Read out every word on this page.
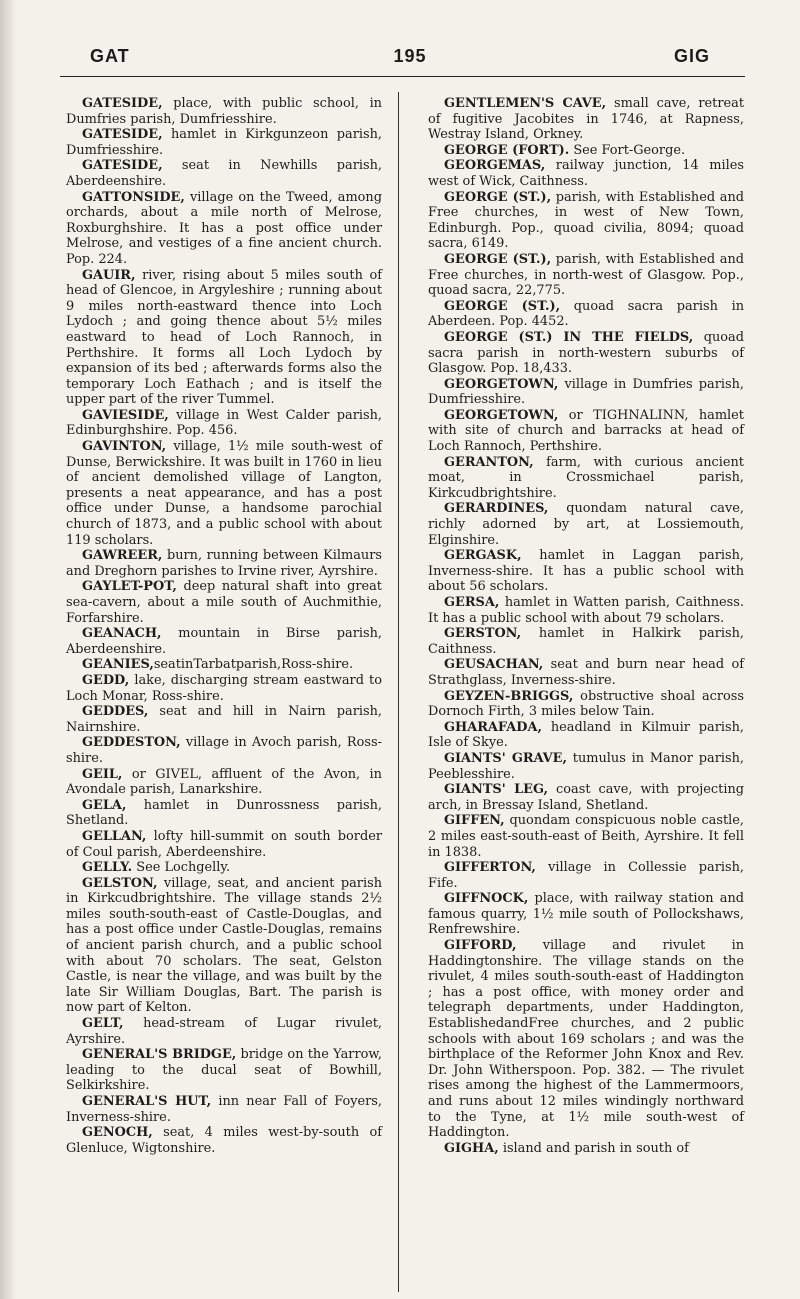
GAT	195	GIG

GATESIDE, place, with public school, in Dumfries parish, Dumfriesshire.

GATESIDE, hamlet in Kirkgunzeon parish, Dumfriesshire.

GATESIDE, seat in Newhills parish, Aberdeenshire.

GATTONSIDE, village on the Tweed, among orchards, about a mile north of Melrose, Roxburghshire. It has a post office under Melrose, and vestiges of a fine ancient church. Pop. 224.

GAUIR, river, rising about 5 miles south of head of Glencoe, in Argyleshire ; running about 9 miles north-eastward thence into Loch Lydoch ; and going thence about 5½ miles eastward to head of Loch Rannoch, in Perthshire. It forms all Loch Lydoch by expansion of its bed ; afterwards forms also the temporary Loch Eathach ; and is itself the upper part of the river Tummel.

GAVIESIDE, village in West Calder parish, Edinburghshire. Pop. 456.

GAVINTON, village, 1½ mile south-west of Dunse, Berwickshire. It was built in 1760 in lieu of ancient demolished village of Langton, presents a neat appearance, and has a post office under Dunse, a handsome parochial church of 1873, and a public school with about 119 scholars.

GAWREER, burn, running between Kilmaurs and Dreghorn parishes to Irvine river, Ayrshire.

GAYLET-POT, deep natural shaft into great sea-cavern, about a mile south of Auchmithie, Forfarshire.

GEANACH, mountain in Birse parish, Aberdeenshire.

GEANIES,seatinTarbatparish,Ross-shire.

GEDD, lake, discharging stream eastward to Loch Monar, Ross-shire.

GEDDES, seat and hill in Nairn parish, Nairnshire.

GEDDESTON, village in Avoch parish, Ross-shire.

GEIL, or GIVEL, affluent of the Avon, in Avondale parish, Lanarkshire.

GELA, hamlet in Dunrossness parish, Shetland.

GELLAN, lofty hill-summit on south border of Coul parish, Aberdeenshire.

GELLY. See Lochgelly.

GELSTON, village, seat, and ancient parish in Kirkcudbrightshire. The village stands 2½ miles south-south-east of Castle-Douglas, and has a post office under Castle-Douglas, remains of ancient parish church, and a public school with about 70 scholars. The seat, Gelston Castle, is near the village, and was built by the late Sir William Douglas, Bart. The parish is now part of Kelton.

GELT, head-stream of Lugar rivulet, Ayrshire.

GENERAL'S BRIDGE, bridge on the Yarrow, leading to the ducal seat of Bowhill, Selkirkshire.

GENERAL'S HUT, inn near Fall of Foyers, Inverness-shire.

GENOCH, seat, 4 miles west-by-south of Glenluce, Wigtonshire.

GENTLEMEN'S CAVE, small cave, retreat of fugitive Jacobites in 1746, at Rapness, Westray Island, Orkney.

GEORGE (FORT). See Fort-George.

GEORGEMAS, railway junction, 14 miles west of Wick, Caithness.

GEORGE (ST.), parish, with Established and Free churches, in west of New Town, Edinburgh. Pop., quoad civilia, 8094; quoad sacra, 6149.

GEORGE (ST.), parish, with Established and Free churches, in north-west of Glasgow. Pop., quoad sacra, 22,775.

GEORGE (ST.), quoad sacra parish in Aberdeen. Pop. 4452.

GEORGE (ST.) IN THE FIELDS, quoad sacra parish in north-western suburbs of Glasgow. Pop. 18,433.

GEORGETOWN, village in Dumfries parish, Dumfriesshire.

GEORGETOWN, or TIGHNALINN, hamlet with site of church and barracks at head of Loch Rannoch, Perthshire.

GERANTON, farm, with curious ancient moat, in Crossmichael parish, Kirkcudbrightshire.

GERARDINES, quondam natural cave, richly adorned by art, at Lossiemouth, Elginshire.

GERGASK, hamlet in Laggan parish, Inverness-shire. It has a public school with about 56 scholars.

GERSA, hamlet in Watten parish, Caithness. It has a public school with about 79 scholars.

GERSTON, hamlet in Halkirk parish, Caithness.

GEUSACHAN, seat and burn near head of Strathglass, Inverness-shire.

GEYZEN-BRIGGS, obstructive shoal across Dornoch Firth, 3 miles below Tain.

GHARAFADA, headland in Kilmuir parish, Isle of Skye.

GIANTS' GRAVE, tumulus in Manor parish, Peeblesshire.

GIANTS' LEG, coast cave, with projecting arch, in Bressay Island, Shetland.

GIFFEN, quondam conspicuous noble castle, 2 miles east-south-east of Beith, Ayrshire. It fell in 1838.

GIFFERTON, village in Collessie parish, Fife.

GIFFNOCK, place, with railway station and famous quarry, 1½ mile south of Pollockshaws, Renfrewshire.

GIFFORD, village and rivulet in Haddingtonshire. The village stands on the rivulet, 4 miles south-south-east of Haddington ; has a post office, with money order and telegraph departments, under Haddington, EstablishedandFree churches, and 2 public schools with about 169 scholars ; and was the birthplace of the Reformer John Knox and Rev. Dr. John Witherspoon. Pop. 382. — The rivulet rises among the highest of the Lammermoors, and runs about 12 miles windingly northward to the Tyne, at 1½ mile south-west of Haddington.

GIGHA, island and parish in south of
